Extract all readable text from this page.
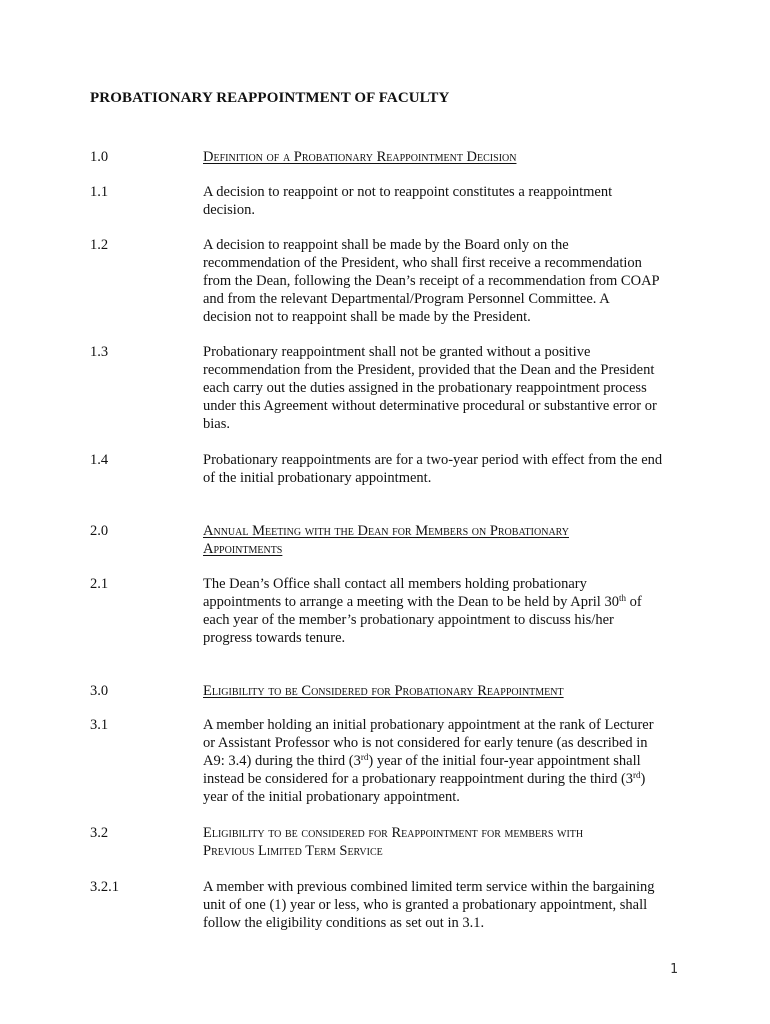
PROBATIONARY REAPPOINTMENT OF FACULTY
1.0	Definition of a Probationary Reappointment Decision
1.1	A decision to reappoint or not to reappoint constitutes a reappointment
decision.
1.2	A decision to reappoint shall be made by the Board only on the
recommendation of the President, who shall first receive a recommendation
from the Dean, following the Dean’s receipt of a recommendation from COAP
and from the relevant Departmental/Program Personnel Committee. A
decision not to reappoint shall be made by the President.
1.3	Probationary reappointment shall not be granted without a positive
recommendation from the President, provided that the Dean and the President
each carry out the duties assigned in the probationary reappointment process
under this Agreement without determinative procedural or substantive error or
bias.
1.4	Probationary reappointments are for a two-year period with effect from the end
of the initial probationary appointment.
2.0	Annual Meeting with the Dean for Members on Probationary
Appointments
2.1	The Dean’s Office shall contact all members holding probationary
appointments to arrange a meeting with the Dean to be held by April 30th of
each year of the member’s probationary appointment to discuss his/her
progress towards tenure.
3.0	Eligibility to be Considered for Probationary Reappointment
3.1	A member holding an initial probationary appointment at the rank of Lecturer
or Assistant Professor who is not considered for early tenure (as described in
A9: 3.4) during the third (3rd) year of the initial four-year appointment shall
instead be considered for a probationary reappointment during the third (3rd)
year of the initial probationary appointment.
3.2	Eligibility to be considered for Reappointment for members with
Previous Limited Term Service
3.2.1	A member with previous combined limited term service within the bargaining
unit of one (1) year or less, who is granted a probationary appointment, shall
follow the eligibility conditions as set out in 3.1.
1
